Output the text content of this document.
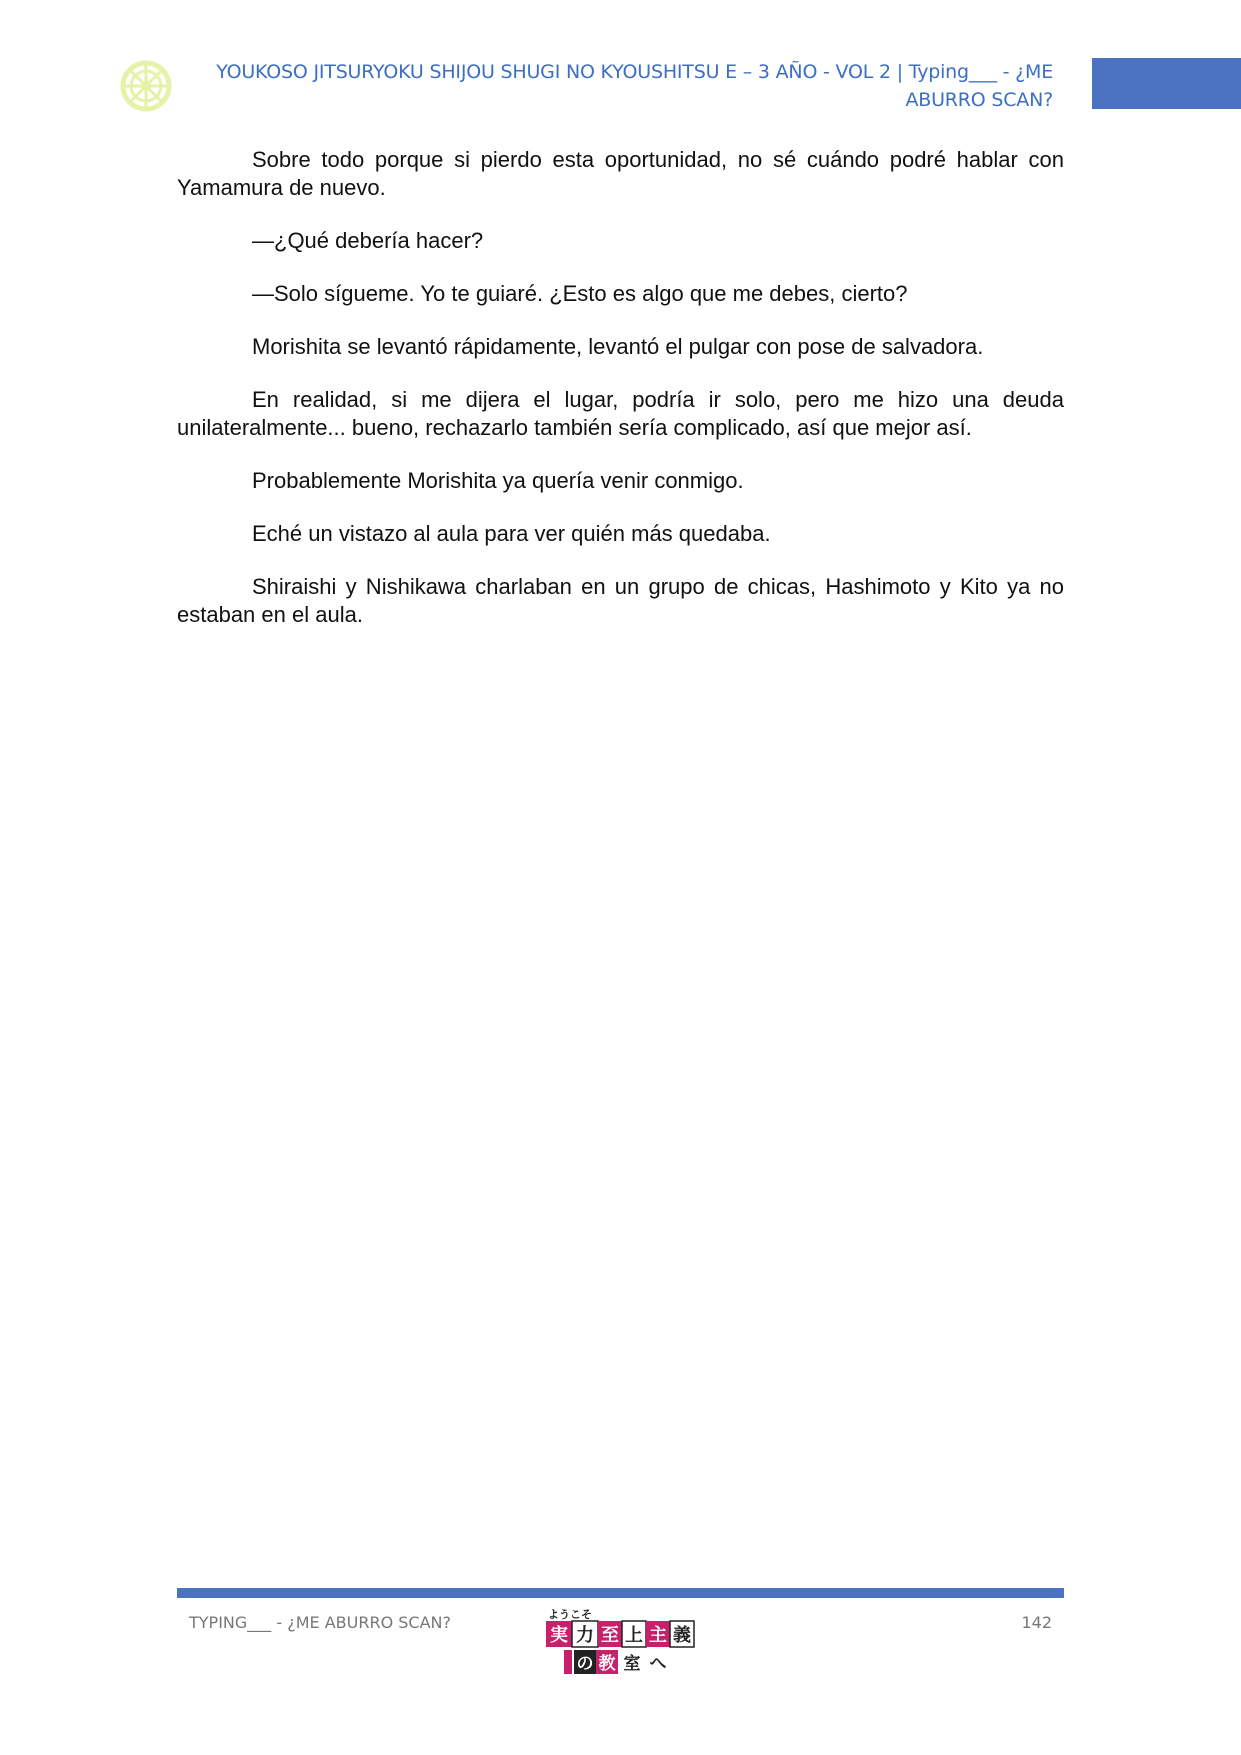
YOUKOSO JITSURYOKU SHIJOU SHUGI NO KYOUSHITSU E – 3 AÑO - VOL 2 | Typing___ - ¿ME
ABURRO SCAN?

Sobre todo porque si pierdo esta oportunidad, no sé cuándo podré hablar con Yamamura de nuevo.

—¿Qué debería hacer?

—Solo sígueme. Yo te guiaré. ¿Esto es algo que me debes, cierto?

Morishita se levantó rápidamente, levantó el pulgar con pose de salvadora.

En realidad, si me dijera el lugar, podría ir solo, pero me hizo una deuda unilateralmente... bueno, rechazarlo también sería complicado, así que mejor así.

Probablemente Morishita ya quería venir conmigo.

Eché un vistazo al aula para ver quién más quedaba.

Shiraishi y Nishikawa charlaban en un grupo de chicas, Hashimoto y Kito ya no estaban en el aula.

TYPING___ - ¿ME ABURRO SCAN?	ようこそ
実 力 至 上 主 義
の 教 室 へ
142
